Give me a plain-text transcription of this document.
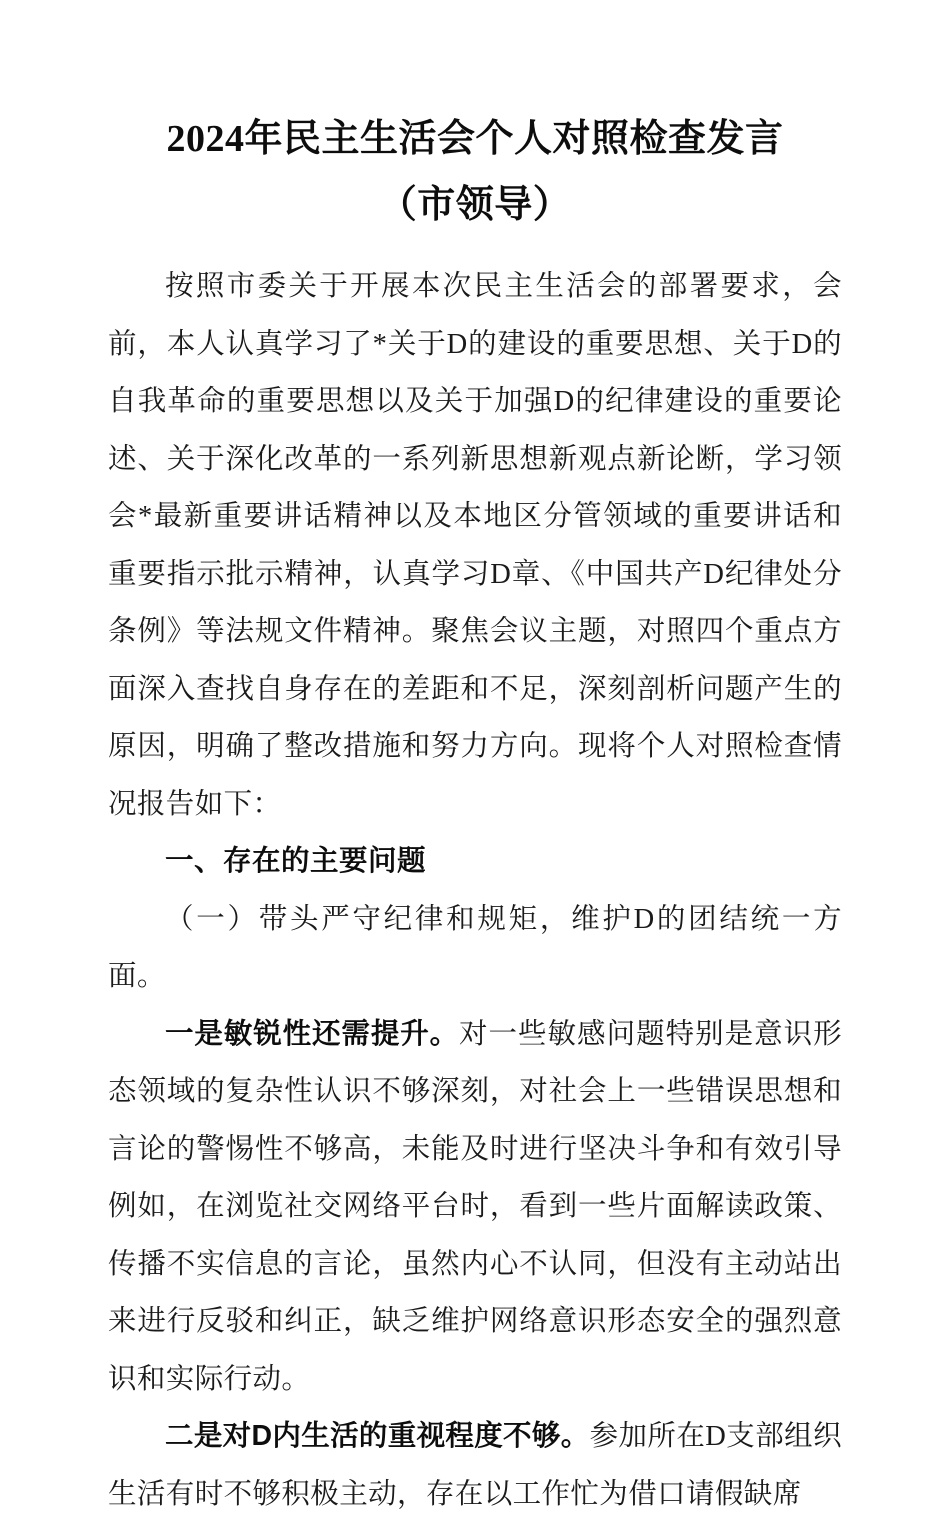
2024年民主生活会个人对照检查发言
（市领导）

按照市委关于开展本次民主生活会的部署要求，会前，本人认真学习了*关于D的建设的重要思想、关于D的自我革命的重要思想以及关于加强D的纪律建设的重要论述、关于深化改革的一系列新思想新观点新论断，学习领会*最新重要讲话精神以及本地区分管领域的重要讲话和重要指示批示精神，认真学习D章、《中国共产D纪律处分条例》等法规文件精神。聚焦会议主题，对照四个重点方面深入查找自身存在的差距和不足，深刻剖析问题产生的原因，明确了整改措施和努力方向。现将个人对照检查情况报告如下：

一、存在的主要问题

（一）带头严守纪律和规矩，维护D的团结统一方面。

一是敏锐性还需提升。对一些敏感问题特别是意识形态领域的复杂性认识不够深刻，对社会上一些错误思想和言论的警惕性不够高，未能及时进行坚决斗争和有效引导例如，在浏览社交网络平台时，看到一些片面解读政策、传播不实信息的言论，虽然内心不认同，但没有主动站出来进行反驳和纠正，缺乏维护网络意识形态安全的强烈意识和实际行动。

二是对D内生活的重视程度不够。参加所在D支部组织生活有时不够积极主动，存在以工作忙为借口请假缺席
